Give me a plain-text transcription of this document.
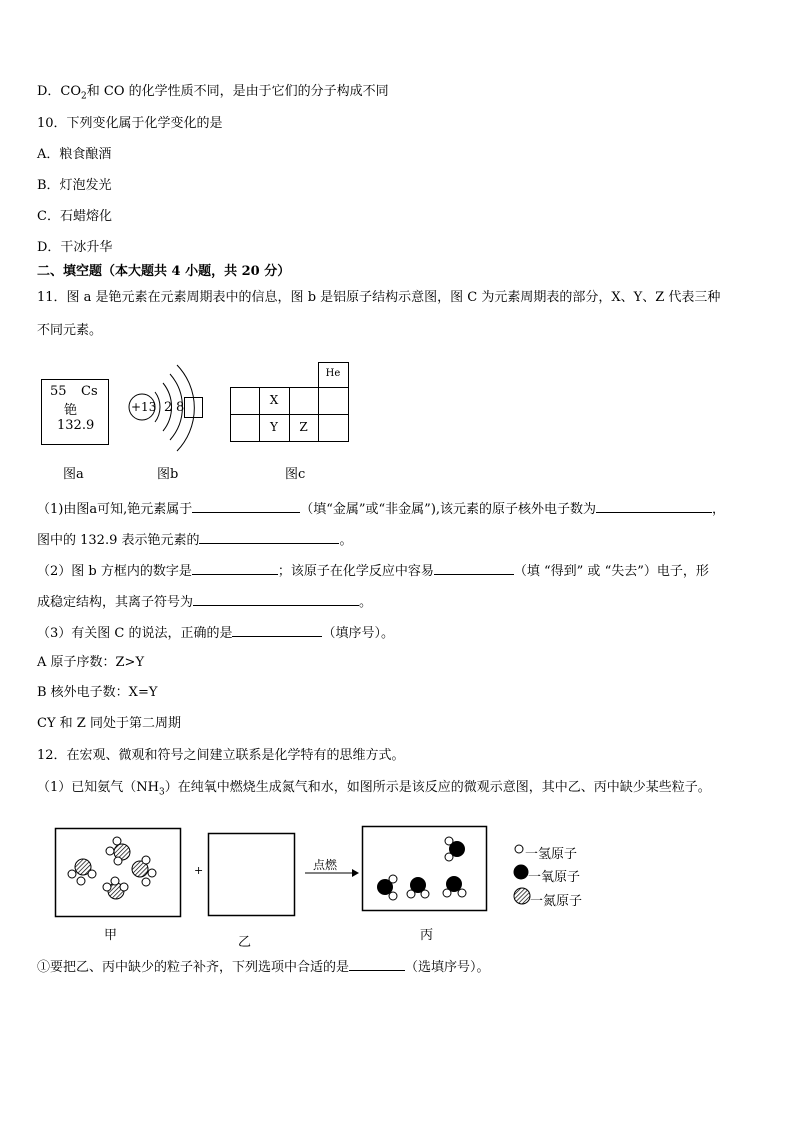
D．$CO_2$和 CO 的化学性质不同，是由于它们的分子构成不同
10．下列变化属于化学变化的是
A．粮食酿酒
B．灯泡发光
C．石蜡熔化
D．干冰升华
二、填空题（本大题共 4 小题，共 20 分）
11．图 a 是铯元素在元素周期表中的信息，图 b 是铝原子结构示意图，图 C 为元素周期表的部分，X、Y、Z 代表三种
不同元素。
55 Cs
铯
132.9
图a
+13 2 8
图b
He
X
Y	Z
图c
（1)由图a可知,铯元素属于	（填“金属”或“非金属”),该元素的原子核外电子数为	，
图中的 132.9 表示铯元素的	。
（2）图 b 方框内的数字是	；该原子在化学反应中容易	（填 “得到” 或 “失去”）电子，形
成稳定结构，其离子符号为	。
（3）有关图 C 的说法，正确的是	（填序号）。
A 原子序数：Z>Y
B 核外电子数：X=Y
CY 和 Z 同处于第二周期
12．在宏观、微观和符号之间建立联系是化学特有的思维方式。
（1）已知氨气$(NH_3)$在纯氧中燃烧生成氮气和水，如图所示是该反应的微观示意图，其中乙、丙中缺少某些粒子。
甲
+
乙
点燃
丙
一氢原子
一氧原子
一氮原子
①要把乙、丙中缺少的粒子补齐，下列选项中合适的是	（选填序号）。
